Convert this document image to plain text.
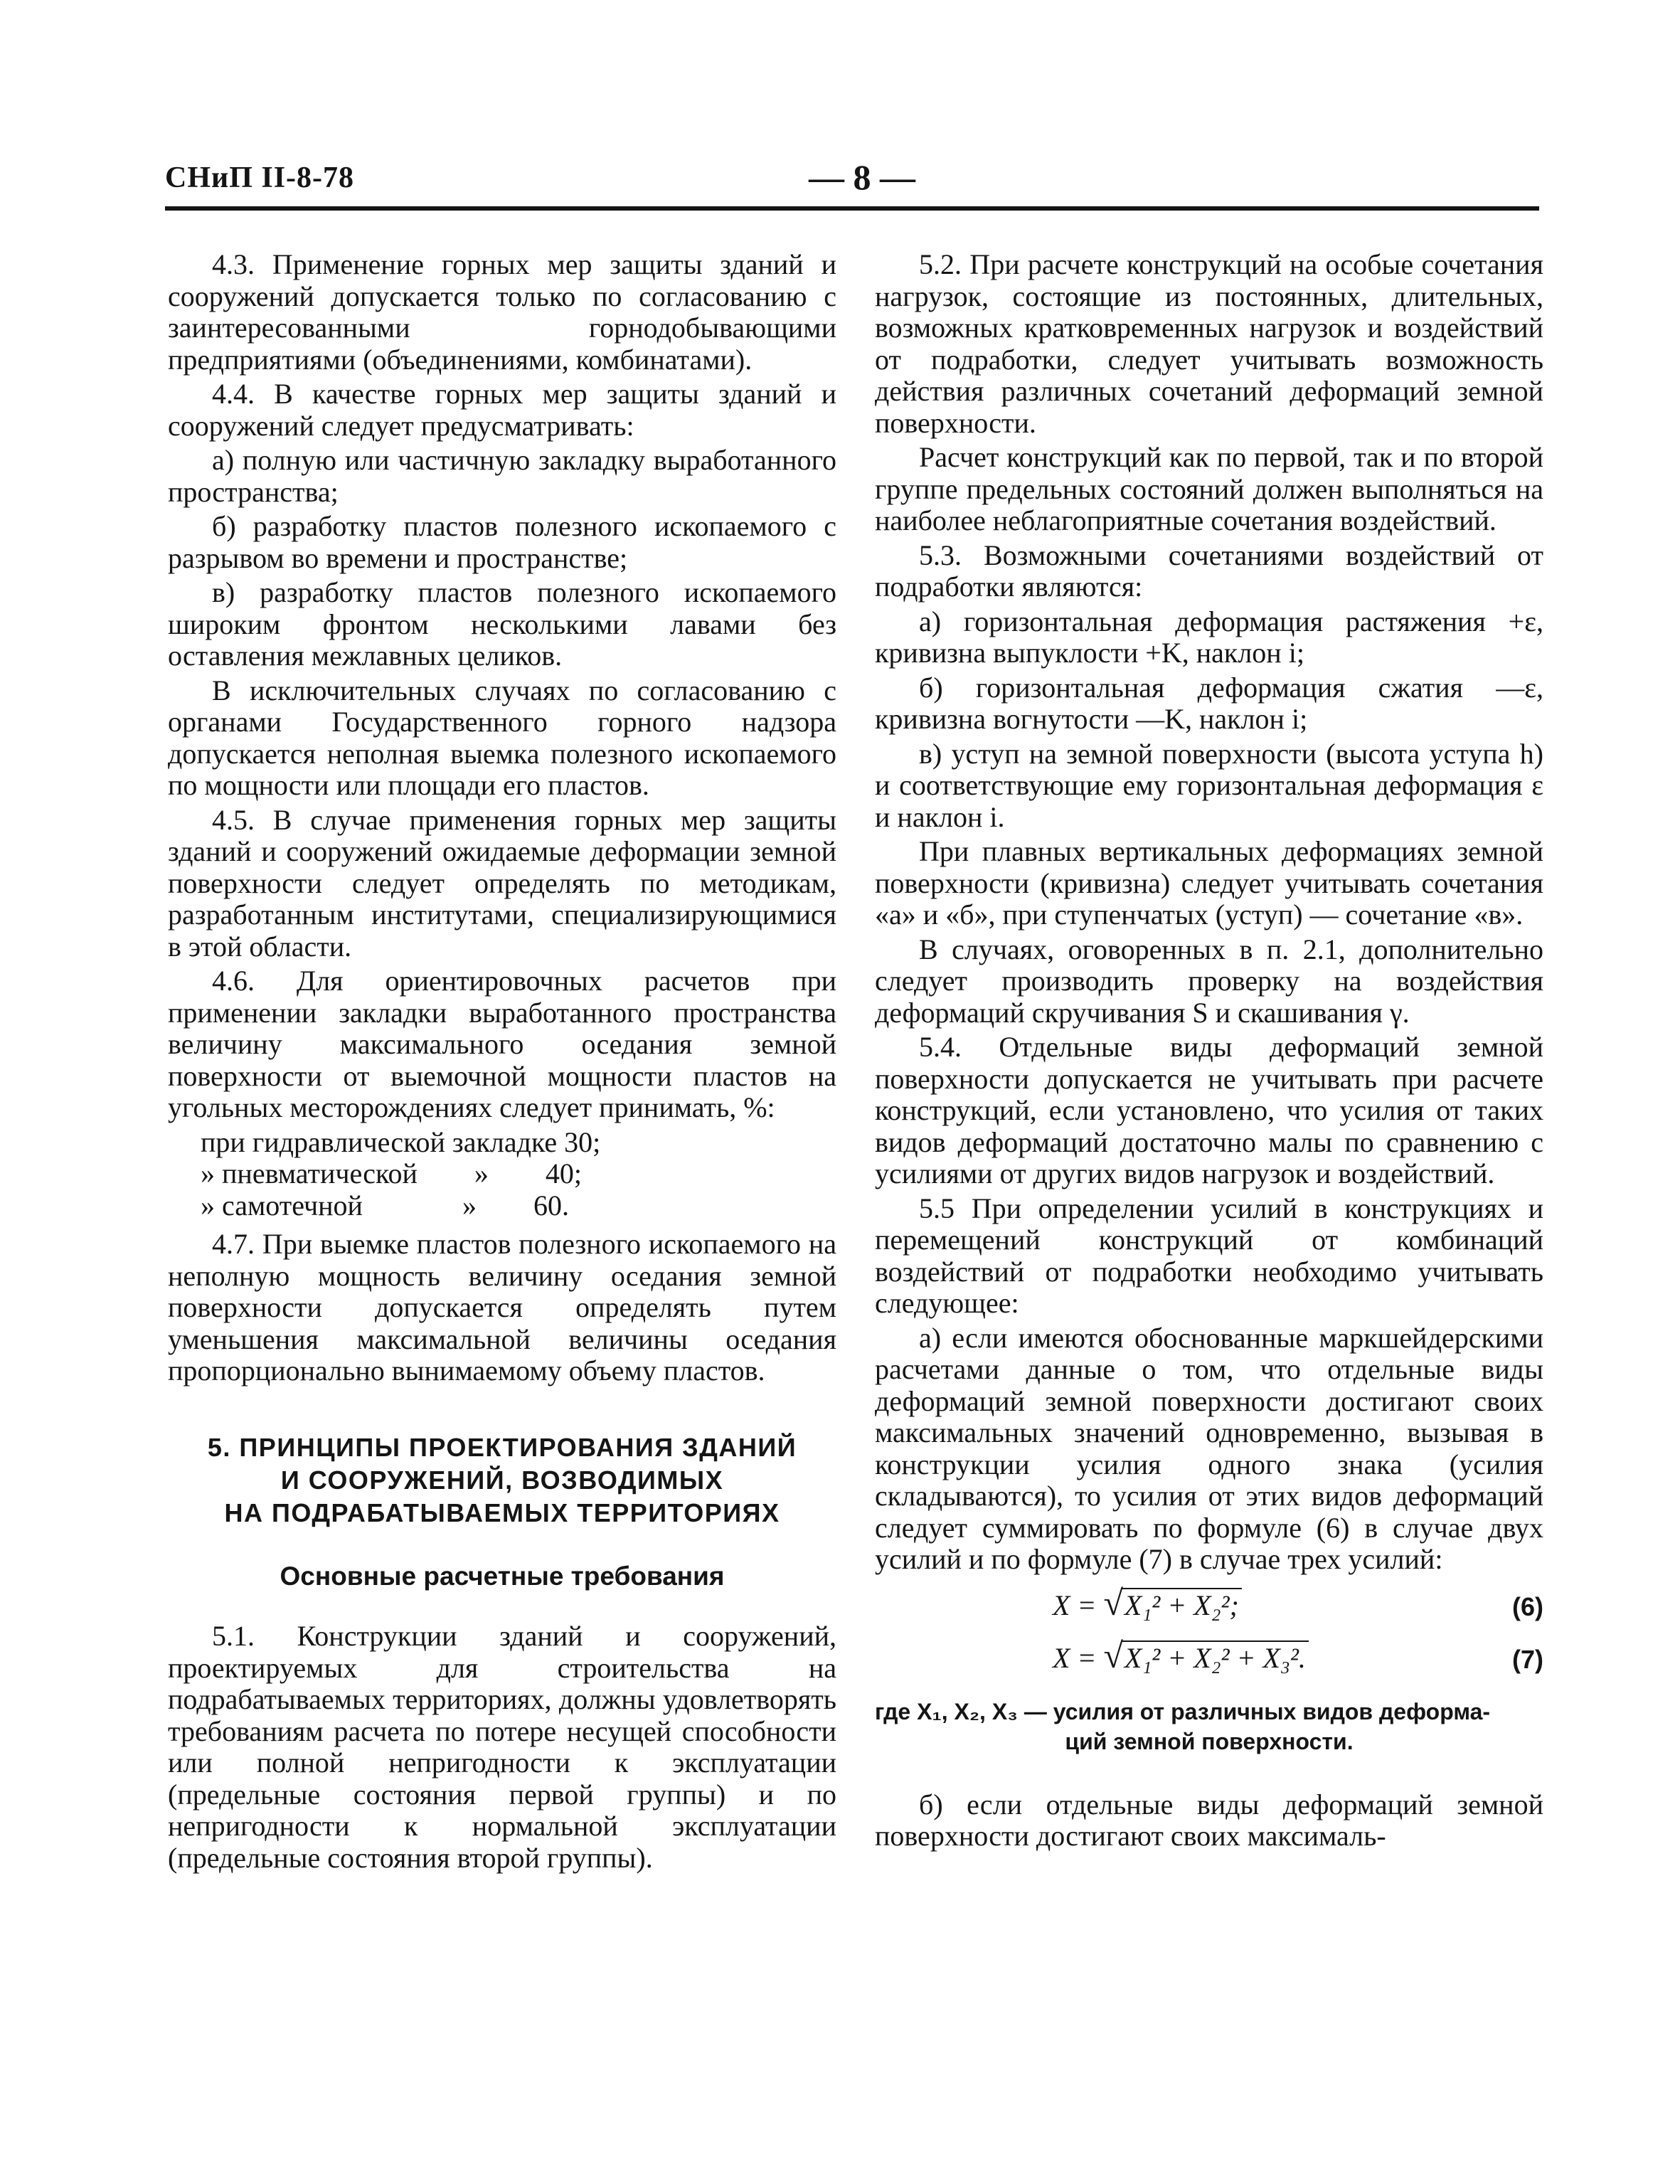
СНиП II-8-78	— 8 —

4.3. Применение горных мер защиты зданий и сооружений допускается только по согласованию с заинтересованными горнодобывающими предприятиями (объединениями, комбинатами).

4.4. В качестве горных мер защиты зданий и сооружений следует предусматривать:

а) полную или частичную закладку выработанного пространства;

б) разработку пластов полезного ископаемого с разрывом во времени и пространстве;

в) разработку пластов полезного ископаемого широким фронтом несколькими лавами без оставления межлавных целиков.

В исключительных случаях по согласованию с органами Государственного горного надзора допускается неполная выемка полезного ископаемого по мощности или площади его пластов.

4.5. В случае применения горных мер защиты зданий и сооружений ожидаемые деформации земной поверхности следует определять по методикам, разработанным институтами, специализирующимися в этой области.

4.6. Для ориентировочных расчетов при применении закладки выработанного пространства величину максимального оседания земной поверхности от выемочной мощности пластов на угольных месторождениях следует принимать, %:

при гидравлической закладке 30;

» пневматической        »        40;

» самотечной              »        60.

4.7. При выемке пластов полезного ископаемого на неполную мощность величину оседания земной поверхности допускается определять путем уменьшения максимальной величины оседания пропорционально вынимаемому объему пластов.

5. ПРИНЦИПЫ ПРОЕКТИРОВАНИЯ ЗДАНИЙ
И СООРУЖЕНИЙ, ВОЗВОДИМЫХ
НА ПОДРАБАТЫВАЕМЫХ ТЕРРИТОРИЯХ
Основные расчетные требования

5.1. Конструкции зданий и сооружений, проектируемых для строительства на подрабатываемых территориях, должны удовлетворять требованиям расчета по потере несущей способности или полной непригодности к эксплуатации (предельные состояния первой группы) и по непригодности к нормальной эксплуатации (предельные состояния второй группы).

5.2. При расчете конструкций на особые сочетания нагрузок, состоящие из постоянных, длительных, возможных кратковременных нагрузок и воздействий от подработки, следует учитывать возможность действия различных сочетаний деформаций земной поверхности.

Расчет конструкций как по первой, так и по второй группе предельных состояний должен выполняться на наиболее неблагоприятные сочетания воздействий.

5.3. Возможными сочетаниями воздействий от подработки являются:

а) горизонтальная деформация растяжения +ε, кривизна выпуклости +K, наклон i;

б) горизонтальная деформация сжатия —ε, кривизна вогнутости —K, наклон i;

в) уступ на земной поверхности (высота уступа h) и соответствующие ему горизонтальная деформация ε и наклон i.

При плавных вертикальных деформациях земной поверхности (кривизна) следует учитывать сочетания «а» и «б», при ступенчатых (уступ) — сочетание «в».

В случаях, оговоренных в п. 2.1, дополнительно следует производить проверку на воздействия деформаций скручивания S и скашивания γ.

5.4. Отдельные виды деформаций земной поверхности допускается не учитывать при расчете конструкций, если установлено, что усилия от таких видов деформаций достаточно малы по сравнению с усилиями от других видов нагрузок и воздействий.

5.5 При определении усилий в конструкциях и перемещений конструкций от комбинаций воздействий от подработки необходимо учитывать следующее:

а) если имеются обоснованные маркшейдерскими расчетами данные о том, что отдельные виды деформаций земной поверхности достигают своих максимальных значений одновременно, вызывая в конструкции усилия одного знака (усилия складываются), то усилия от этих видов деформаций следует суммировать по формуле (6) в случае двух усилий и по формуле (7) в случае трех усилий:

X = √X₁² + X₂²;	(6)
X = √X₁² + X₂² + X₃².	(7)
где X₁, X₂, X₃ — усилия от различных видов деформа-
ций земной поверхности.

б) если отдельные виды деформаций земной поверхности достигают своих максималь-
